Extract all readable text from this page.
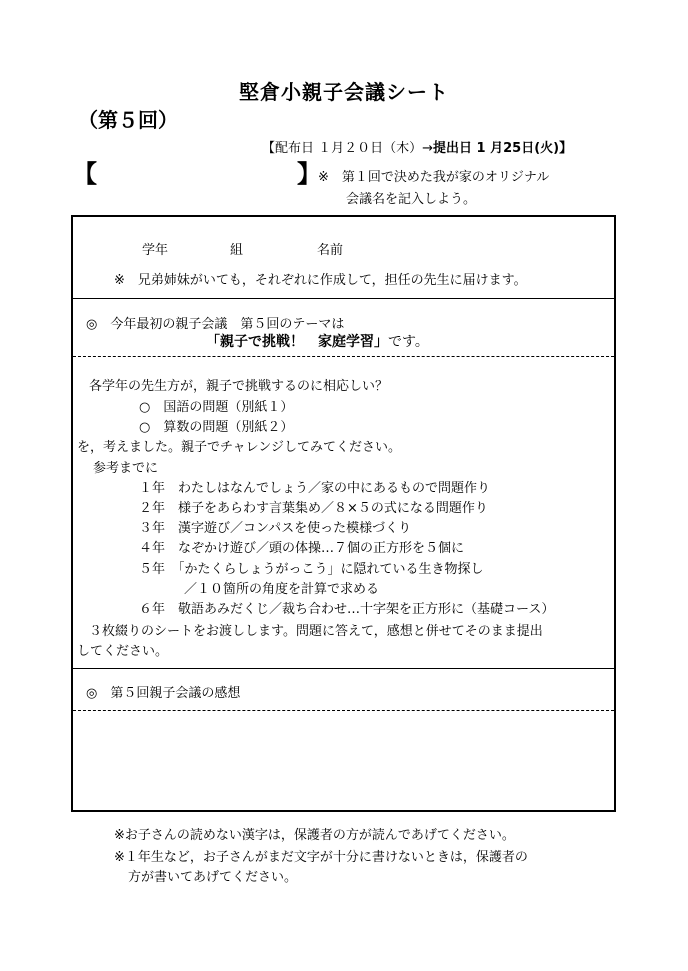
堅倉小親子会議シート
（第５回）
【配布日 １月２０日（木）→提出日 1 月25日(火)】
【	】
※　第１回で決めた我が家のオリジナル
会議名を記入しよう。
学年	組	名前
※　兄弟姉妹がいても，それぞれに作成して，担任の先生に届けます。
◎　今年最初の親子会議　第５回のテーマは
「親子で挑戦！　家庭学習」です。
各学年の先生方が，親子で挑戦するのに相応しい？
○　国語の問題（別紙１）
○　算数の問題（別紙２）
を，考えました。親子でチャレンジしてみてください。
参考までに
１年　わたしはなんでしょう／家の中にあるもので問題作り
２年　様子をあらわす言葉集め／８×５の式になる問題作り
３年　漢字遊び／コンパスを使った模様づくり
４年　なぞかけ遊び／頭の体操…７個の正方形を５個に
５年　「かたくらしょうがっこう」に隠れている生き物探し
／１０箇所の角度を計算で求める
６年　敬語あみだくじ／裁ち合わせ…十字架を正方形に（基礎コース）
３枚綴りのシートをお渡しします。問題に答えて，感想と併せてそのまま提出
してください。
◎　第５回親子会議の感想
※お子さんの読めない漢字は，保護者の方が読んであげてください。
※１年生など，お子さんがまだ文字が十分に書けないときは，保護者の
方が書いてあげてください。
